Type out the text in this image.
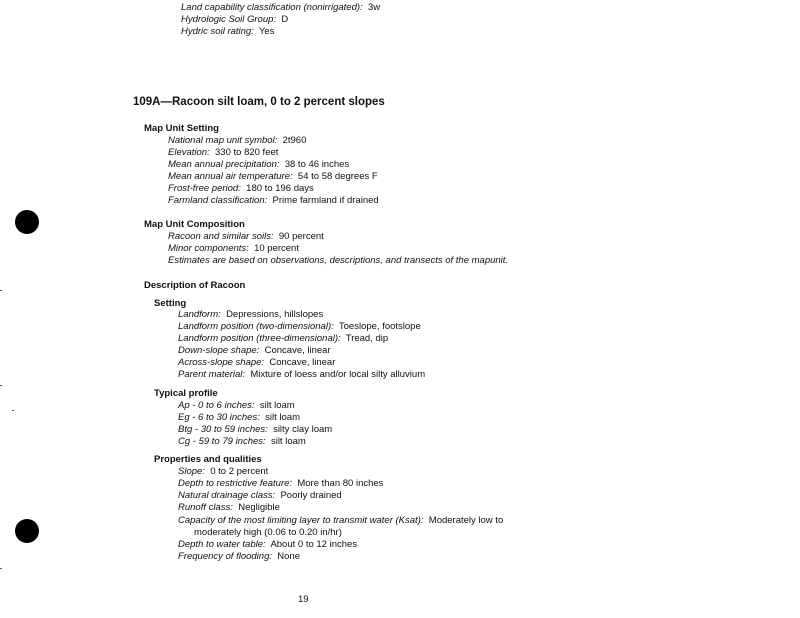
Land capability classification (nonirrigated): 3w
Hydrologic Soil Group: D
Hydric soil rating: Yes
109A—Racoon silt loam, 0 to 2 percent slopes
Map Unit Setting
National map unit symbol: 2t960
Elevation: 330 to 820 feet
Mean annual precipitation: 38 to 46 inches
Mean annual air temperature: 54 to 58 degrees F
Frost-free period: 180 to 196 days
Farmland classification: Prime farmland if drained
Map Unit Composition
Racoon and similar soils: 90 percent
Minor components: 10 percent
Estimates are based on observations, descriptions, and transects of the mapunit.
Description of Racoon
Setting
Landform: Depressions, hillslopes
Landform position (two-dimensional): Toeslope, footslope
Landform position (three-dimensional): Tread, dip
Down-slope shape: Concave, linear
Across-slope shape: Concave, linear
Parent material: Mixture of loess and/or local silty alluvium
Typical profile
Ap - 0 to 6 inches: silt loam
Eg - 6 to 30 inches: silt loam
Btg - 30 to 59 inches: silty clay loam
Cg - 59 to 79 inches: silt loam
Properties and qualities
Slope: 0 to 2 percent
Depth to restrictive feature: More than 80 inches
Natural drainage class: Poorly drained
Runoff class: Negligible
Capacity of the most limiting layer to transmit water (Ksat): Moderately low to
moderately high (0.06 to 0.20 in/hr)
Depth to water table: About 0 to 12 inches
Frequency of flooding: None
19
